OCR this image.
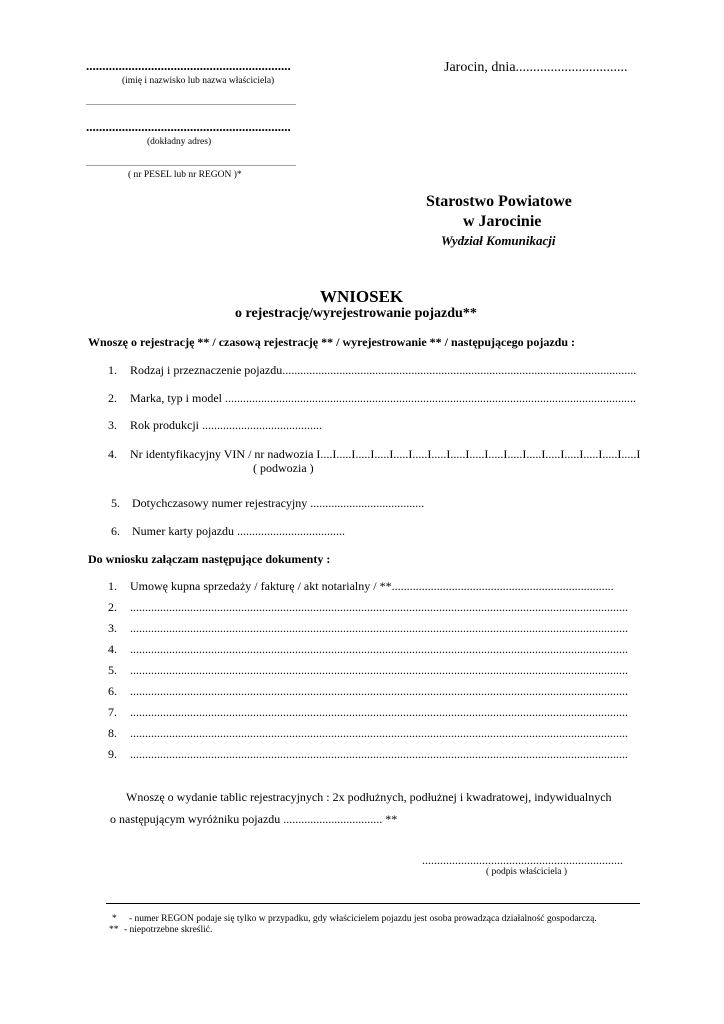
...............................................................
(imię i nazwisko lub nazwa właściciela)
.........................................................................................................
...............................................................
(dokładny adres)
.........................................................................................................
( nr PESEL lub nr REGON )*
Jarocin, dnia................................
Starostwo Powiatowe
w Jarocinie
Wydział Komunikacji
WNIOSEK
o rejestrację/wyrejestrowanie pojazdu**
Wnoszę o rejestrację ** / czasową rejestrację ** / wyrejestrowanie ** / następującego pojazdu :
1. Rodzaj i przeznaczenie pojazdu......................................................................................................................
2. Marka, typ i model .........................................................................................................................................
3. Rok produkcji ........................................
4. Nr identyfikacyjny VIN / nr nadwozia I....I.....I.....I.....I.....I.....I.....I.....I.....I.....I.....I.....I.....I.....I.....I.....I.....I
( podwozia )
5. Dotychczasowy numer rejestracyjny ......................................
6. Numer karty pojazdu ....................................
Do wniosku załączam następujące dokumenty :
1. Umowę kupna sprzedaży / fakturę / akt notarialny / **..........................................................................
2. ......................................................................................................................................................................
3. ......................................................................................................................................................................
4. ......................................................................................................................................................................
5. ......................................................................................................................................................................
6. ......................................................................................................................................................................
7. ......................................................................................................................................................................
8. ......................................................................................................................................................................
9. ......................................................................................................................................................................
Wnoszę o wydanie tablic rejestracyjnych : 2x podłużnych, podłużnej i kwadratowej, indywidualnych
o następującym wyróżniku pojazdu ................................. **
...................................................................
( podpis właściciela )
* - numer REGON podaje się tylko w przypadku, gdy właścicielem pojazdu jest osoba prowadząca działalność gospodarczą.
** - niepotrzebne skreślić.
